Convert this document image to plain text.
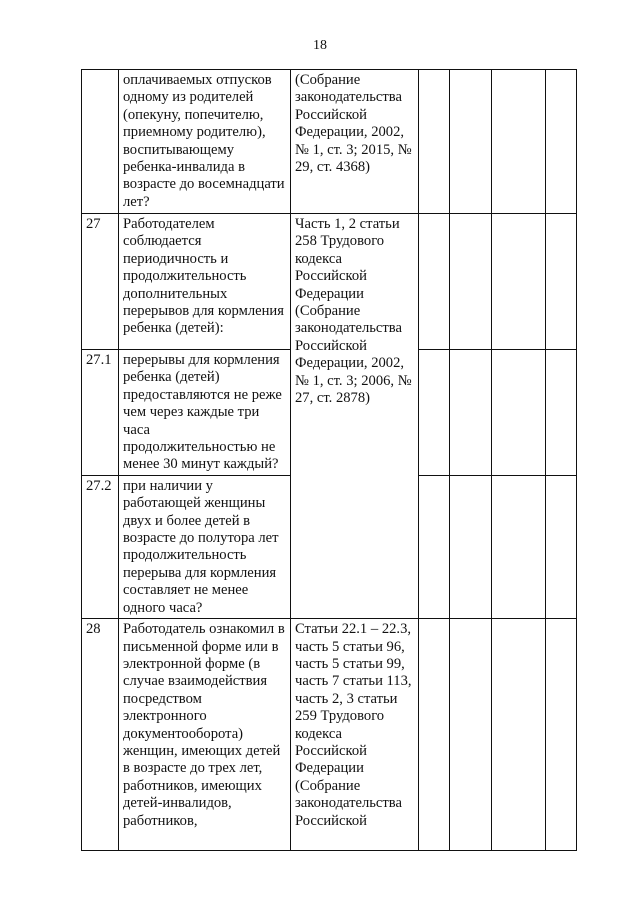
18
	оплачиваемых отпусков одному из родителей (опекуну, попечителю, приемному родителю), воспитывающему ребенка-инвалида в возрасте до восемнадцати лет?	(Собрание законодательства Российской Федерации, 2002, № 1, ст. 3; 2015, № 29, ст. 4368)				
27	Работодателем соблюдается периодичность и продолжительность дополнительных перерывов для кормления ребенка (детей):	Часть 1, 2 статьи 258 Трудового кодекса Российской Федерации (Собрание законодательства Российской Федерации, 2002, № 1, ст. 3; 2006, № 27, ст. 2878)				
27.1	перерывы для кормления ребенка (детей) предоставляются не реже чем через каждые три часа продолжительностью не менее 30 минут каждый?					
27.2	при наличии у работающей женщины двух и более детей в возрасте до полутора лет продолжительность перерыва для кормления составляет не менее одного часа?					
28	Работодатель ознакомил в письменной форме или в электронной форме (в случае взаимодействия посредством электронного документооборота) женщин, имеющих детей в возрасте до трех лет, работников, имеющих детей-инвалидов, работников,	Статьи 22.1 – 22.3, часть 5 статьи 96, часть 5 статьи 99, часть 7 статьи 113, часть 2, 3 статьи 259 Трудового кодекса Российской Федерации (Собрание законодательства Российской				
